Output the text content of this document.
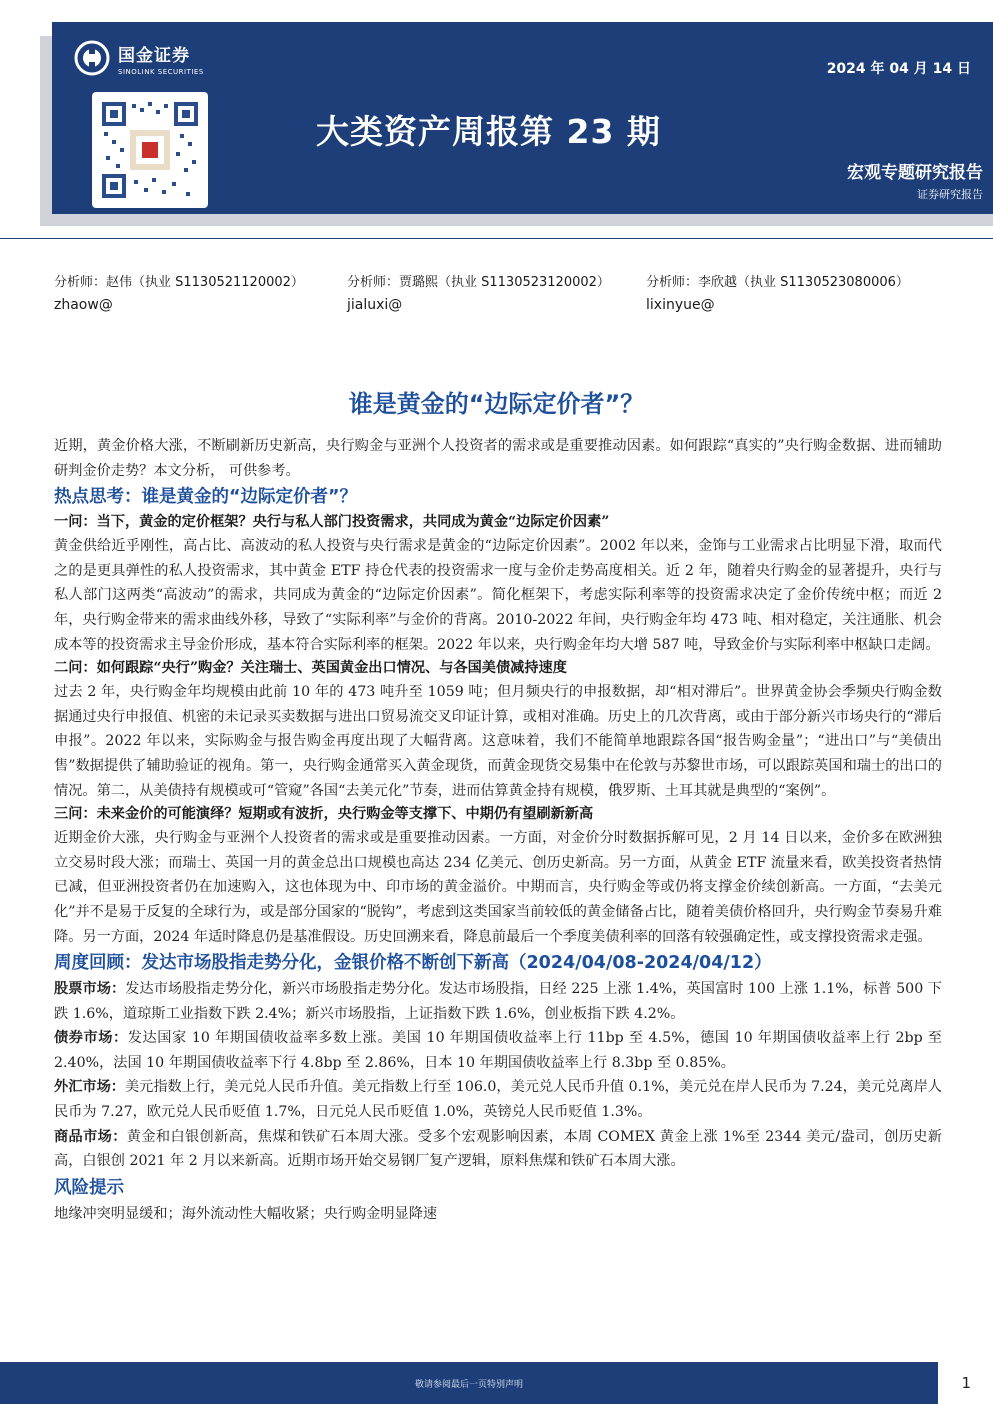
国金证券
SINOLINK SECURITIES	2024 年 04 月 14 日
大类资产周报第 23 期
宏观专题研究报告
证券研究报告
分析师：赵伟（执业 S1130521120002）
zhaow@
分析师：贾璐熙（执业 S1130523120002）
jialuxi@
分析师：李欣越（执业 S1130523080006）
lixinyue@
谁是黄金的“边际定价者”？

近期，黄金价格大涨，不断刷新历史新高，央行购金与亚洲个人投资者的需求或是重要推动因素。如何跟踪“真实的”央行购金数据、进而辅助研判金价走势？本文分析， 可供参考。

热点思考：谁是黄金的“边际定价者”？
一问：当下，黄金的定价框架？央行与私人部门投资需求，共同成为黄金“边际定价因素”

黄金供给近乎刚性，高占比、高波动的私人投资与央行需求是黄金的“边际定价因素”。2002 年以来，金饰与工业需求占比明显下滑，取而代之的是更具弹性的私人投资需求，其中黄金 ETF 持仓代表的投资需求一度与金价走势高度相关。近 2 年，随着央行购金的显著提升，央行与私人部门这两类“高波动”的需求，共同成为黄金的“边际定价因素”。简化框架下，考虑实际利率等的投资需求决定了金价传统中枢；而近 2 年，央行购金带来的需求曲线外移，导致了“实际利率”与金价的背离。2010-2022 年间，央行购金年均 473 吨、相对稳定，关注通胀、机会成本等的投资需求主导金价形成，基本符合实际利率的框架。2022 年以来，央行购金年均大增 587 吨，导致金价与实际利率中枢缺口走阔。

二问：如何跟踪“央行”购金？关注瑞士、英国黄金出口情况、与各国美债减持速度

过去 2 年，央行购金年均规模由此前 10 年的 473 吨升至 1059 吨；但月频央行的申报数据，却“相对滞后”。世界黄金协会季频央行购金数据通过央行申报值、机密的未记录买卖数据与进出口贸易流交叉印证计算，或相对准确。历史上的几次背离，或由于部分新兴市场央行的“滞后申报”。2022 年以来，实际购金与报告购金再度出现了大幅背离。这意味着，我们不能简单地跟踪各国“报告购金量”；“进出口”与“美债出售”数据提供了辅助验证的视角。第一，央行购金通常买入黄金现货，而黄金现货交易集中在伦敦与苏黎世市场，可以跟踪英国和瑞士的出口的情况。第二，从美债持有规模或可“管窥”各国“去美元化”节奏，进而估算黄金持有规模，俄罗斯、土耳其就是典型的“案例”。

三问：未来金价的可能演绎？短期或有波折，央行购金等支撑下、中期仍有望刷新新高

近期金价大涨，央行购金与亚洲个人投资者的需求或是重要推动因素。一方面，对金价分时数据拆解可见，2 月 14 日以来，金价多在欧洲独立交易时段大涨；而瑞士、英国一月的黄金总出口规模也高达 234 亿美元、创历史新高。另一方面，从黄金 ETF 流量来看，欧美投资者热情已减，但亚洲投资者仍在加速购入，这也体现为中、印市场的黄金溢价。中期而言，央行购金等或仍将支撑金价续创新高。一方面，“去美元化”并不是易于反复的全球行为，或是部分国家的“脱钩”，考虑到这类国家当前较低的黄金储备占比，随着美债价格回升，央行购金节奏易升难降。另一方面，2024 年适时降息仍是基准假设。历史回溯来看，降息前最后一个季度美债利率的回落有较强确定性，或支撑投资需求走强。

周度回顾：发达市场股指走势分化，金银价格不断创下新高（2024/04/08-2024/04/12）

股票市场：发达市场股指走势分化，新兴市场股指走势分化。发达市场股指，日经 225 上涨 1.4%，英国富时 100 上涨 1.1%，标普 500 下跌 1.6%，道琼斯工业指数下跌 2.4%；新兴市场股指，上证指数下跌 1.6%，创业板指下跌 4.2%。

债券市场：发达国家 10 年期国债收益率多数上涨。美国 10 年期国债收益率上行 11bp 至 4.5%，德国 10 年期国债收益率上行 2bp 至 2.40%，法国 10 年期国债收益率下行 4.8bp 至 2.86%，日本 10 年期国债收益率上行 8.3bp 至 0.85%。

外汇市场：美元指数上行，美元兑人民币升值。美元指数上行至 106.0，美元兑人民币升值 0.1%，美元兑在岸人民币为 7.24，美元兑离岸人民币为 7.27，欧元兑人民币贬值 1.7%，日元兑人民币贬值 1.0%，英镑兑人民币贬值 1.3%。

商品市场：黄金和白银创新高，焦煤和铁矿石本周大涨。受多个宏观影响因素，本周 COMEX 黄金上涨 1%至 2344 美元/盎司，创历史新高，白银创 2021 年 2 月以来新高。近期市场开始交易钢厂复产逻辑，原料焦煤和铁矿石本周大涨。

风险提示

地缘冲突明显缓和；海外流动性大幅收紧；央行购金明显降速

敬请参阅最后一页特别声明	1
